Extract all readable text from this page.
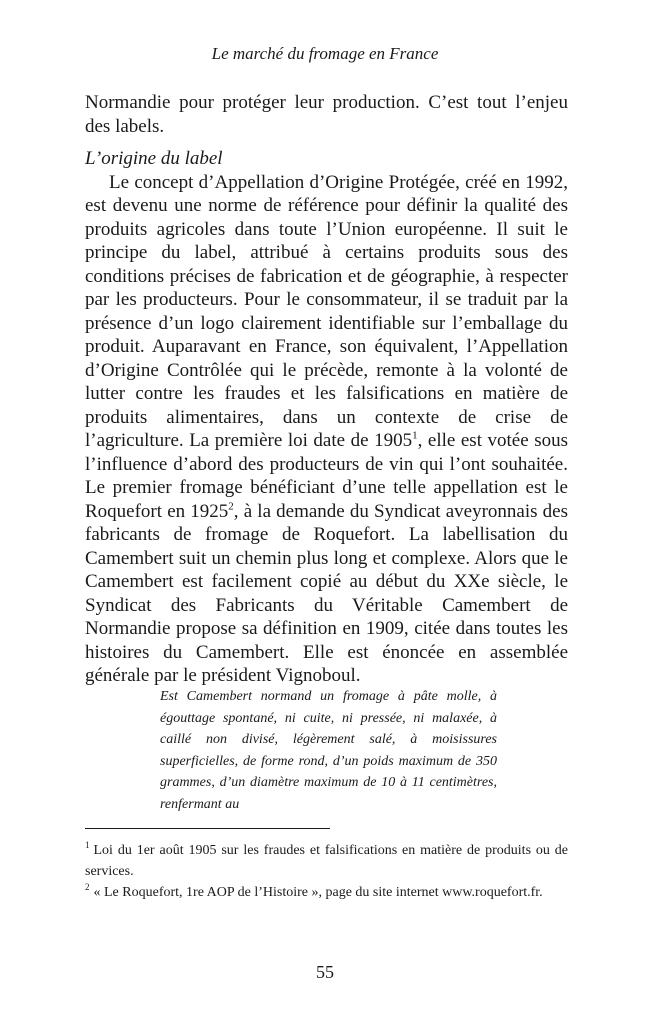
Le marché du fromage en France

Normandie pour protéger leur production. C’est tout l’enjeu des labels.

L’origine du label

Le concept d’Appellation d’Origine Protégée, créé en 1992, est devenu une norme de référence pour définir la qualité des produits agricoles dans toute l’Union européenne. Il suit le principe du label, attribué à certains produits sous des conditions précises de fabrication et de géographie, à respecter par les producteurs. Pour le consommateur, il se traduit par la présence d’un logo clairement identifiable sur l’emballage du produit. Auparavant en France, son équivalent, l’Appellation d’Origine Contrôlée qui le précède, remonte à la volonté de lutter contre les fraudes et les falsifications en matière de produits alimentaires, dans un contexte de crise de l’agriculture. La première loi date de 1905$^1$, elle est votée sous l’influence d’abord des producteurs de vin qui l’ont souhaitée. Le premier fromage bénéficiant d’une telle appellation est le Roquefort en 1925$^2$, à la demande du Syndicat aveyronnais des fabricants de fromage de Roquefort. La labellisation du Camembert suit un chemin plus long et complexe. Alors que le Camembert est facilement copié au début du XXe siècle, le Syndicat des Fabricants du Véritable Camembert de Normandie propose sa définition en 1909, citée dans toutes les histoires du Camembert. Elle est énoncée en assemblée générale par le président Vignoboul.

Est Camembert normand un fromage à pâte molle, à égouttage spontané, ni cuite, ni pressée, ni malaxée, à caillé non divisé, légèrement salé, à moisissures superficielles, de forme rond, d’un poids maximum de 350 grammes, d’un diamètre maximum de 10 à 11 centimètres, renfermant au

$^1$ Loi du 1er août 1905 sur les fraudes et falsifications en matière de produits ou de services.

$^2$ « Le Roquefort, 1re AOP de l’Histoire », page du site internet www.roquefort.fr.

55
